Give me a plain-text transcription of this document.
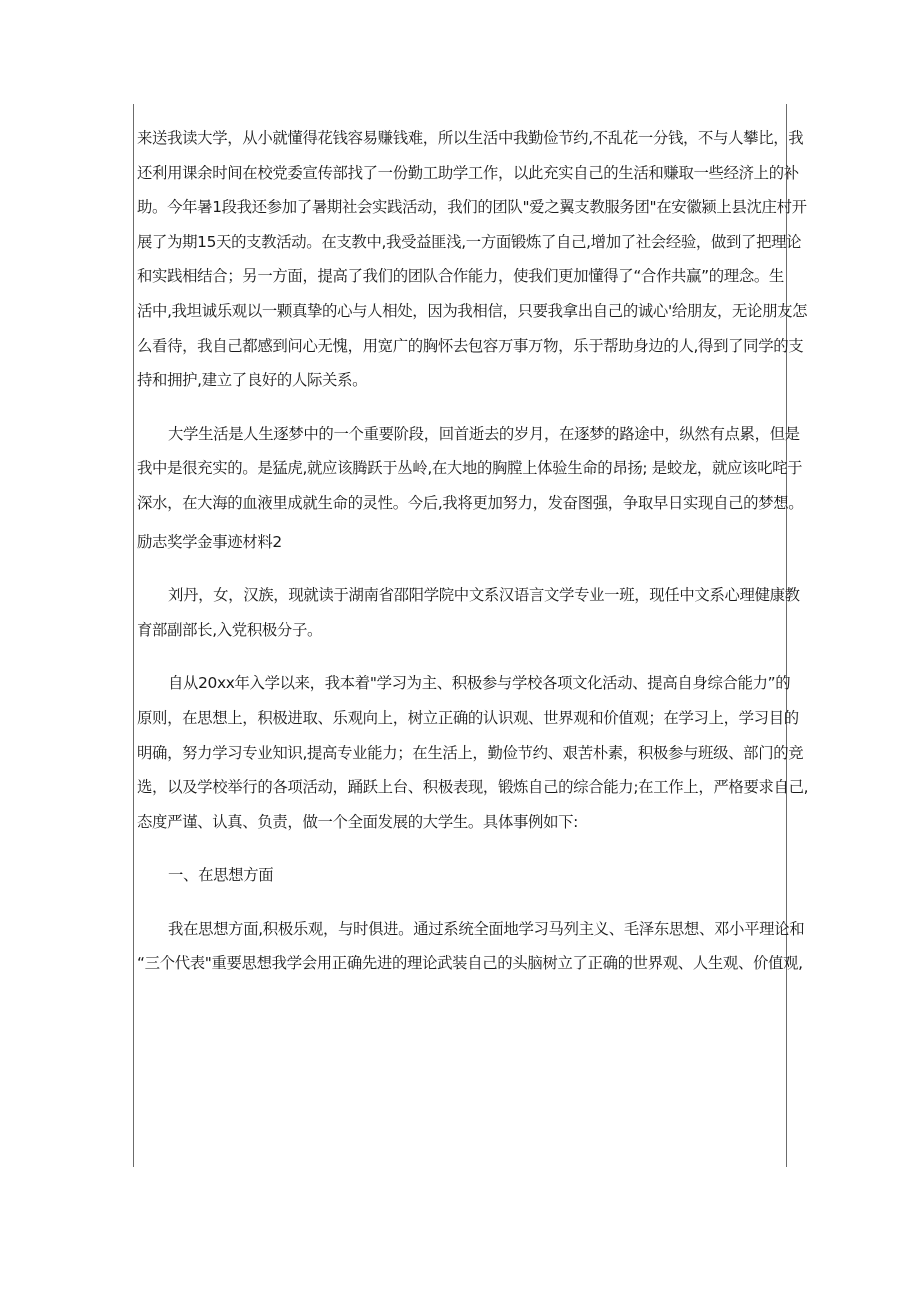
来送我读大学，从小就懂得花钱容易赚钱难，所以生活中我勤俭节约,不乱花一分钱，不与人攀比，我
还利用课余时间在校党委宣传部找了一份勤工助学工作，以此充实自己的生活和赚取一些经济上的补
助。今年暑1段我还参加了暑期社会实践活动，我们的团队"爱之翼支教服务团"在安徽颍上县沈庄村开
展了为期15天的支教活动。在支教中,我受益匪浅,一方面锻炼了自己,增加了社会经验，做到了把理论
和实践相结合；另一方面，提高了我们的团队合作能力，使我们更加懂得了“合作共赢”的理念。生
活中,我坦诚乐观以一颗真挚的心与人相处，因为我相信，只要我拿出自己的诚心'给朋友，无论朋友怎
么看待，我自己都感到问心无愧，用宽广的胸怀去包容万事万物，乐于帮助身边的人,得到了同学的支
持和拥护,建立了良好的人际关系。
大学生活是人生逐梦中的一个重要阶段，回首逝去的岁月，在逐梦的路途中，纵然有点累，但是
我中是很充实的。是猛虎,就应该腾跃于丛岭,在大地的胸膛上体验生命的昂扬; 是蛟龙，就应该叱咤于
深水，在大海的血液里成就生命的灵性。今后,我将更加努力，发奋图强，争取早日实现自己的梦想。
励志奖学金事迹材料2
刘丹，女，汉族，现就读于湖南省邵阳学院中文系汉语言文学专业一班，现任中文系心理健康教
育部副部长,入党积极分子。
自从20xx年入学以来，我本着"学习为主、积极参与学校各项文化活动、提高自身综合能力”的
原则，在思想上，积极进取、乐观向上，树立正确的认识观、世界观和价值观；在学习上，学习目的
明确，努力学习专业知识,提高专业能力；在生活上，勤俭节约、艰苦朴素，积极参与班级、部门的竞
选，以及学校举行的各项活动，踊跃上台、积极表现，锻炼自己的综合能力;在工作上，严格要求自己,
态度严谨、认真、负责，做一个全面发展的大学生。具体事例如下:
一、在思想方面
我在思想方面,积极乐观，与时俱进。通过系统全面地学习马列主义、毛泽东思想、邓小平理论和
“三个代表"重要思想我学会用正确先进的理论武装自己的头脑树立了正确的世界观、人生观、价值观,
